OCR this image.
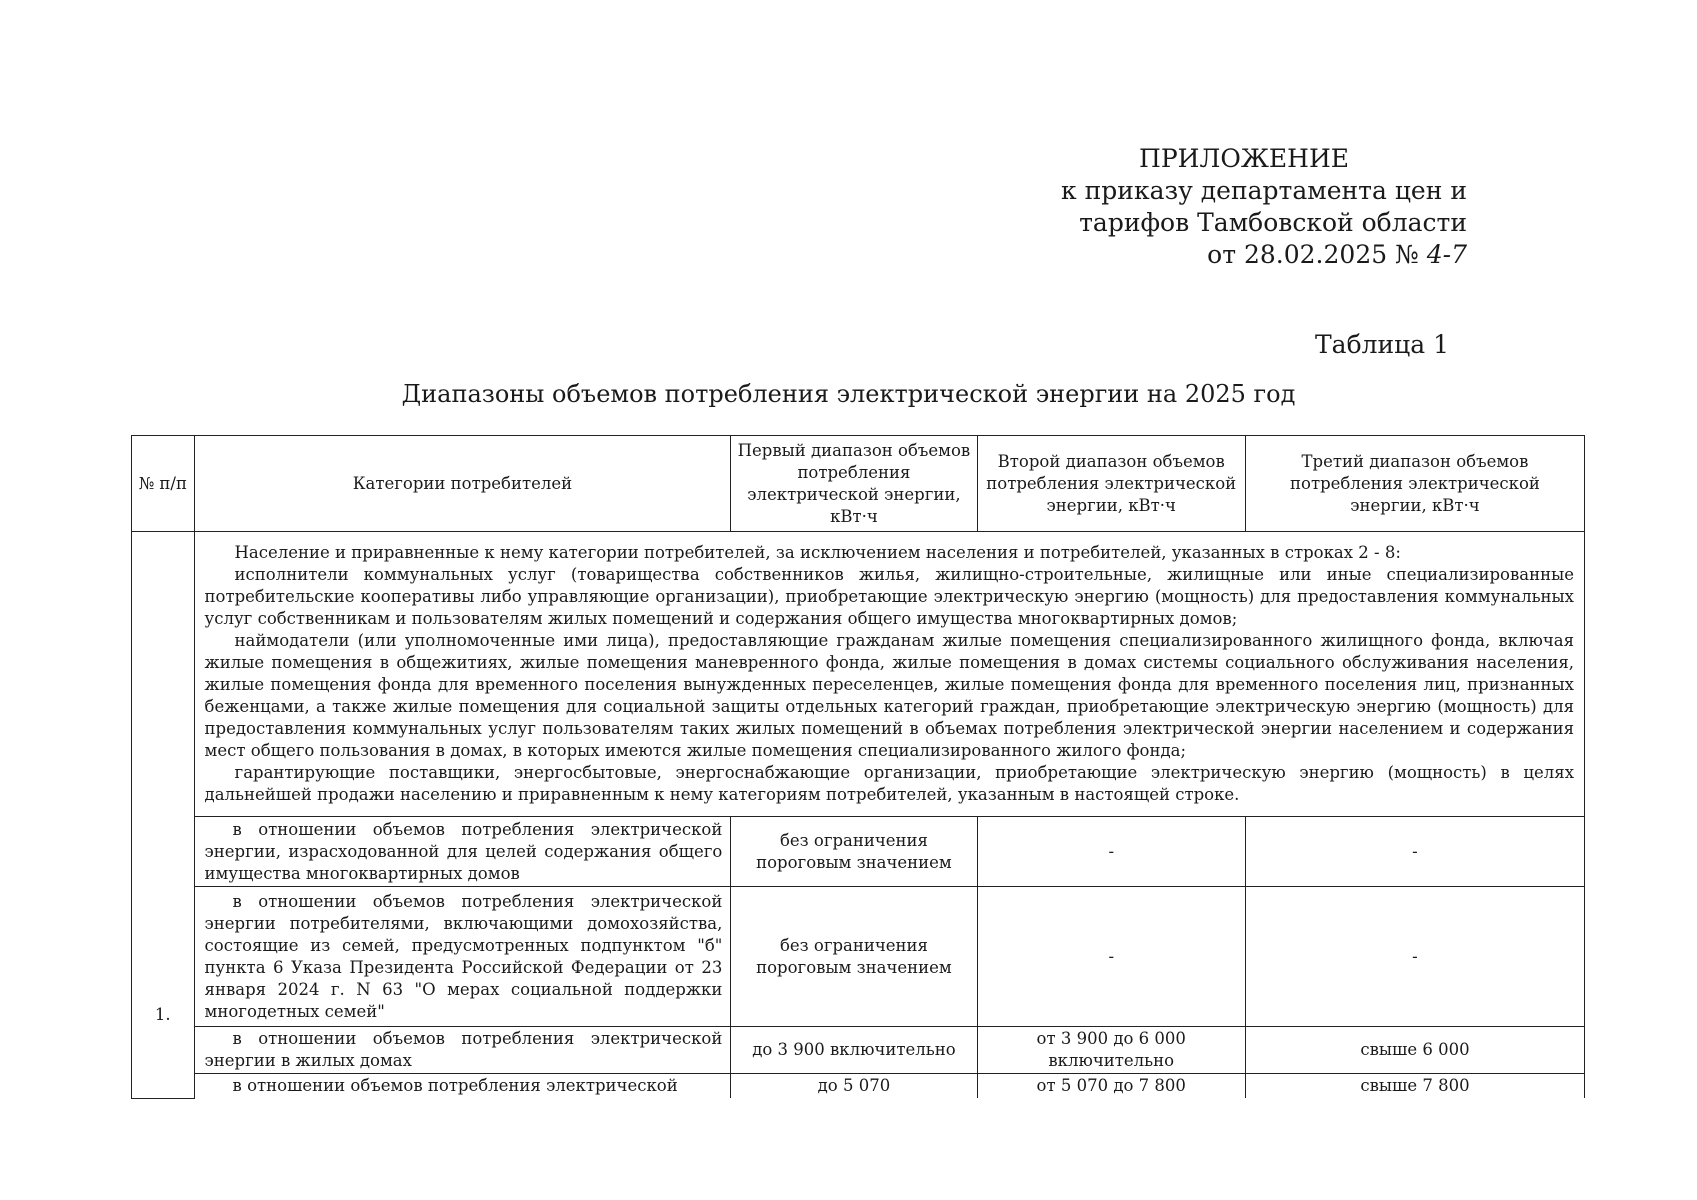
ПРИЛОЖЕНИЕ
к приказу департамента цен и
тарифов Тамбовской области
от 28.02.2025 № 4-7
Таблица 1
Диапазоны объемов потребления электрической энергии на 2025 год
№ п/п	Категории потребителей	Первый диапазон объемов потребления электрической энергии, кВт·ч	Второй диапазон объемов потребления электрической энергии, кВт·ч	Третий диапазон объемов потребления электрической энергии, кВт·ч
1.	Население и приравненные к нему категории потребителей, за исключением населения и потребителей, указанных в строках 2 - 8:

исполнители коммунальных услуг (товарищества собственников жилья, жилищно-строительные, жилищные или иные специализированные потребительские кооперативы либо управляющие организации), приобретающие электрическую энергию (мощность) для предоставления коммунальных услуг собственникам и пользователям жилых помещений и содержания общего имущества многоквартирных домов;

наймодатели (или уполномоченные ими лица), предоставляющие гражданам жилые помещения специализированного жилищного фонда, включая жилые помещения в общежитиях, жилые помещения маневренного фонда, жилые помещения в домах системы социального обслуживания населения, жилые помещения фонда для временного поселения вынужденных переселенцев, жилые помещения фонда для временного поселения лиц, признанных беженцами, а также жилые помещения для социальной защиты отдельных категорий граждан, приобретающие электрическую энергию (мощность) для предоставления коммунальных услуг пользователям таких жилых помещений в объемах потребления электрической энергии населением и содержания мест общего пользования в домах, в которых имеются жилые помещения специализированного жилого фонда;

гарантирующие поставщики, энергосбытовые, энергоснабжающие организации, приобретающие электрическую энергию (мощность) в целях дальнейшей продажи населению и приравненным к нему категориям потребителей, указанным в настоящей строке.			

	в отношении объемов потребления электрической энергии, израсходованной для целей содержания общего имущества многоквартирных домов	без ограничения пороговым значением	-	-
	в отношении объемов потребления электрической энергии потребителями, включающими домохозяйства, состоящие из семей, предусмотренных подпунктом "б" пункта 6 Указа Президента Российской Федерации от 23 января 2024 г. N 63 "О мерах социальной поддержки многодетных семей"	без ограничения пороговым значением	-	-
	в отношении объемов потребления электрической энергии в жилых домах	до 3 900 включительно	от 3 900 до 6 000 включительно	свыше 6 000
	в отношении объемов потребления электрической	до 5 070	от 5 070 до 7 800	свыше 7 800
